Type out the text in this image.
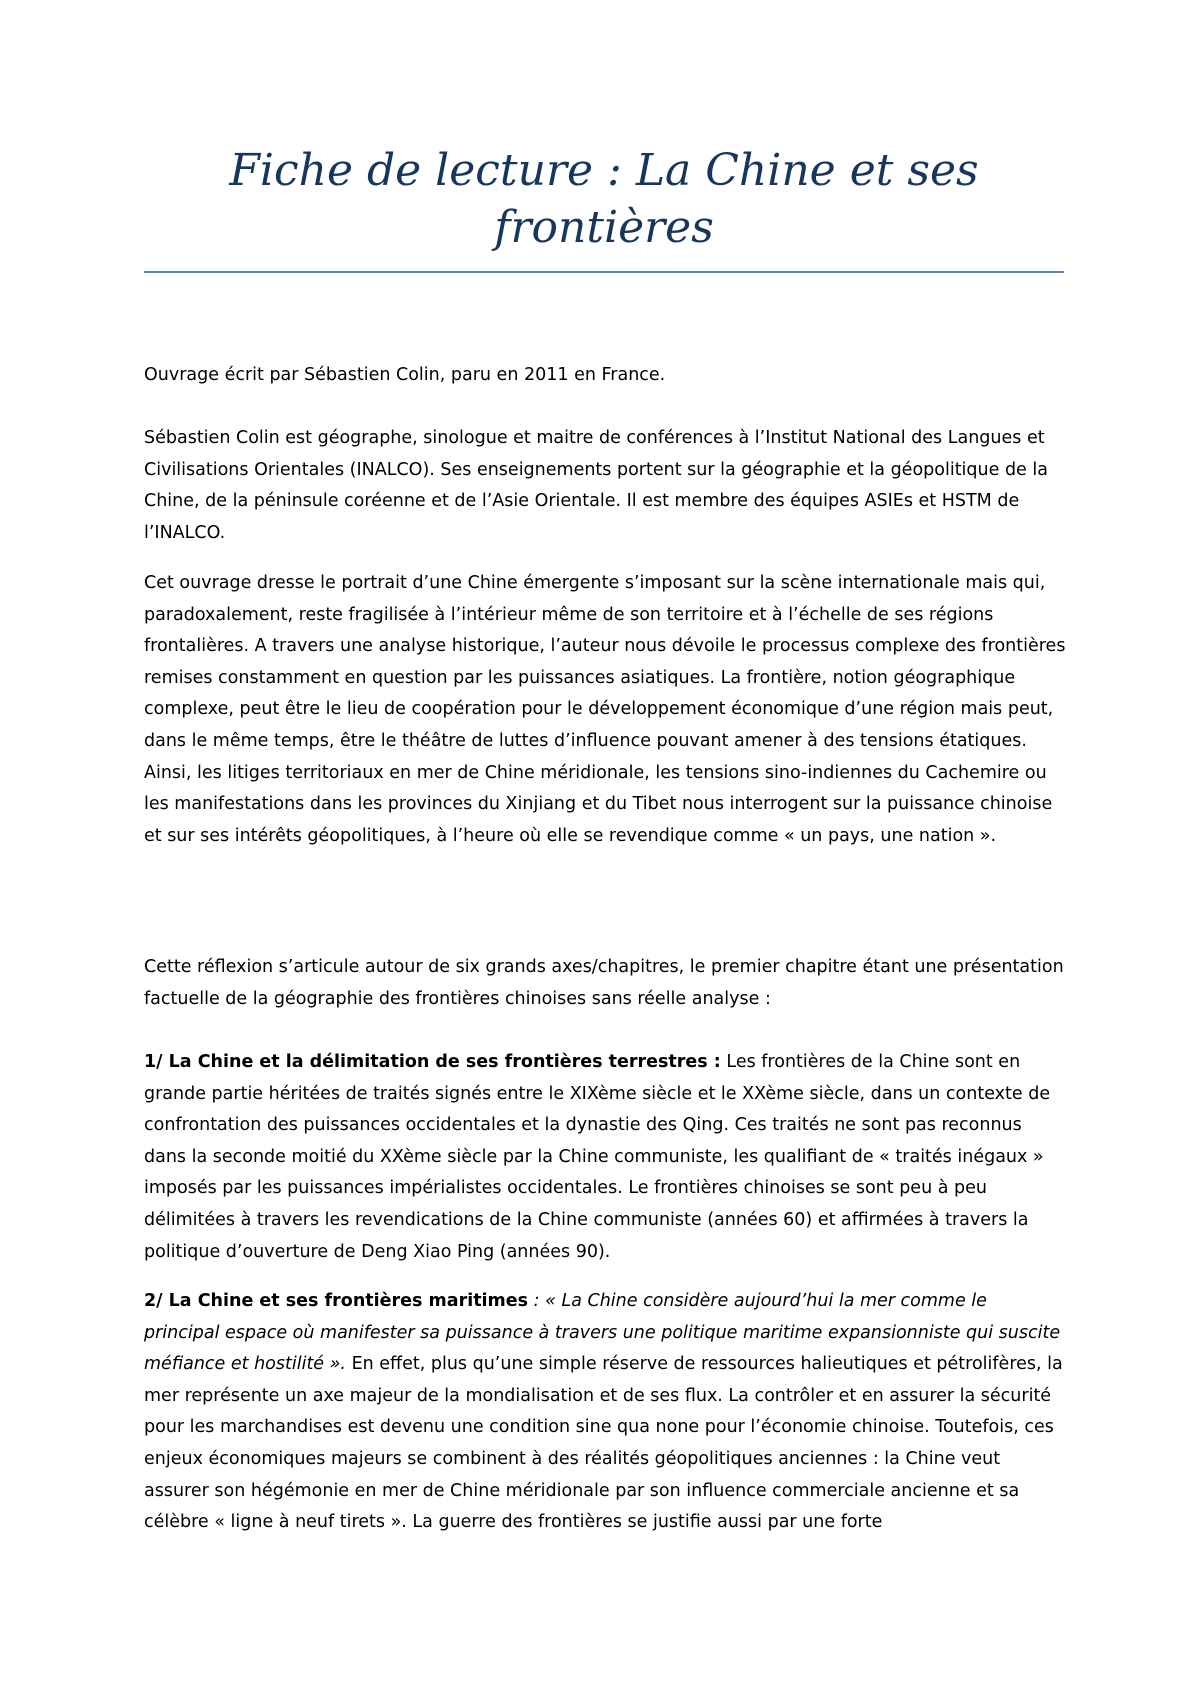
Fiche de lecture : La Chine et ses frontières

Ouvrage écrit par Sébastien Colin, paru en 2011 en France.

Sébastien Colin est géographe, sinologue et maitre de conférences à l’Institut National des Langues et Civilisations Orientales (INALCO). Ses enseignements portent sur la géographie et la géopolitique de la Chine, de la péninsule coréenne et de l’Asie Orientale. Il est membre des équipes ASIEs et HSTM de l’INALCO.

Cet ouvrage dresse le portrait d’une Chine émergente s’imposant sur la scène internationale mais qui, paradoxalement, reste fragilisée à l’intérieur même de son territoire et à l’échelle de ses régions frontalières. A travers une analyse historique, l’auteur nous dévoile le processus complexe des frontières remises constamment en question par les puissances asiatiques. La frontière, notion géographique complexe, peut être le lieu de coopération pour le développement économique d’une région mais peut, dans le même temps, être le théâtre de luttes d’influence pouvant amener à des tensions étatiques. Ainsi, les litiges territoriaux en mer de Chine méridionale, les tensions sino-indiennes du Cachemire ou les manifestations dans les provinces du Xinjiang et du Tibet nous interrogent sur la puissance chinoise et sur ses intérêts géopolitiques, à l’heure où elle se revendique comme « un pays, une nation ».

Cette réflexion s’articule autour de six grands axes/chapitres, le premier chapitre étant une présentation factuelle de la géographie des frontières chinoises sans réelle analyse :

1/ La Chine et la délimitation de ses frontières terrestres : Les frontières de la Chine sont en grande partie héritées de traités signés entre le XIXème siècle et le XXème siècle, dans un contexte de confrontation des puissances occidentales et la dynastie des Qing. Ces traités ne sont pas reconnus dans la seconde moitié du XXème siècle par la Chine communiste, les qualifiant de « traités inégaux » imposés par les puissances impérialistes occidentales. Le frontières chinoises se sont peu à peu délimitées à travers les revendications de la Chine communiste (années 60) et affirmées à travers la politique d’ouverture de Deng Xiao Ping (années 90).

2/ La Chine et ses frontières maritimes : « La Chine considère aujourd’hui la mer comme le principal espace où manifester sa puissance à travers une politique maritime expansionniste qui suscite méfiance et hostilité ». En effet, plus qu’une simple réserve de ressources halieutiques et pétrolifères, la mer représente un axe majeur de la mondialisation et de ses flux. La contrôler et en assurer la sécurité pour les marchandises est devenu une condition sine qua none pour l’économie chinoise. Toutefois, ces enjeux économiques majeurs se combinent à des réalités géopolitiques anciennes : la Chine veut assurer son hégémonie en mer de Chine méridionale par son influence commerciale ancienne et sa célèbre « ligne à neuf tirets ». La guerre des frontières se justifie aussi par une forte
